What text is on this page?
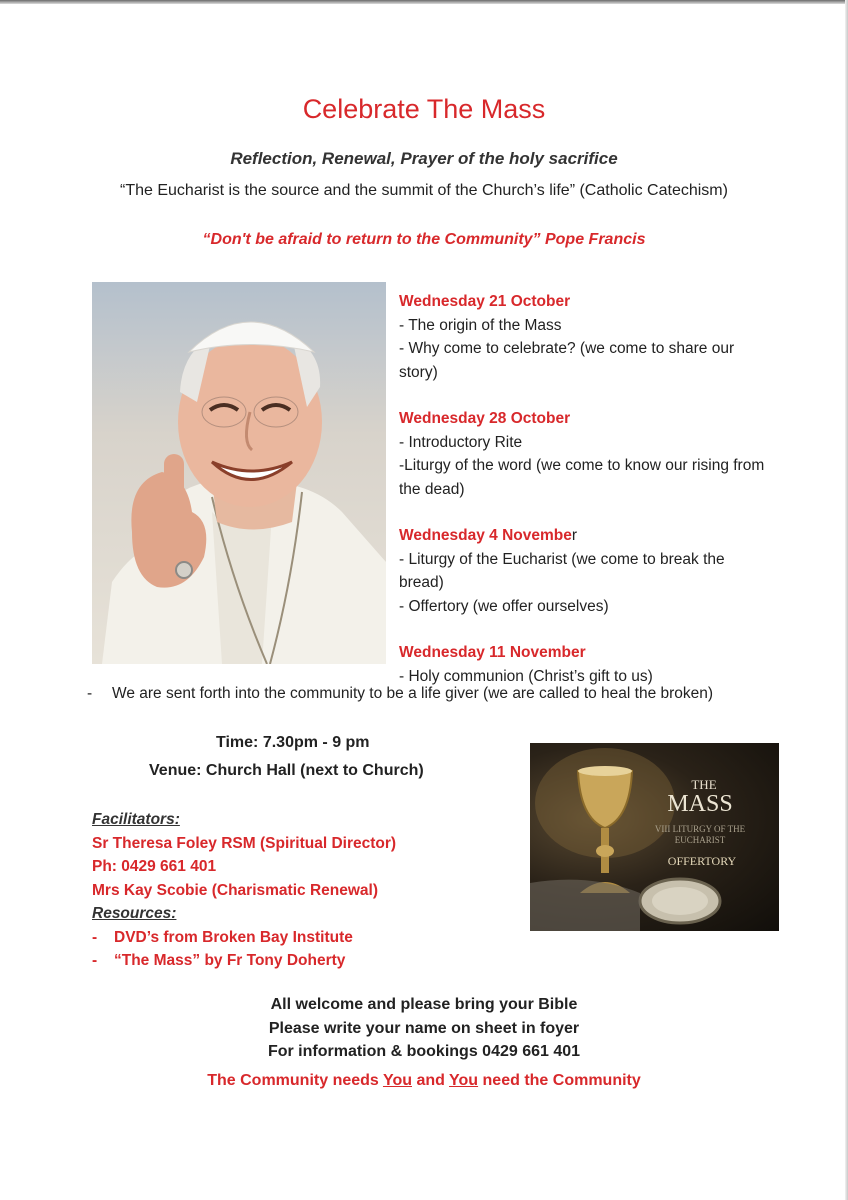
Celebrate The Mass
Reflection, Renewal, Prayer of the holy sacrifice
“The Eucharist is the source and the summit of the Church’s life” (Catholic Catechism)
“Don't be afraid to return to the Community” Pope Francis
Wednesday 21 October
- The origin of the Mass
- Why come to celebrate? (we come to share our story)
Wednesday 28 October
- Introductory Rite
-Liturgy of the word (we come to know our rising from the dead)
Wednesday 4 November
- Liturgy of the Eucharist (we come to break the bread)
- Offertory (we offer ourselves)
Wednesday 11 November
- Holy communion (Christ’s gift to us)
- We are sent forth into the community to be a life giver (we are called to heal the broken)
Time: 7.30pm - 9 pm
Venue: Church Hall (next to Church)
Facilitators:
Sr Theresa Foley RSM (Spiritual Director)
Ph: 0429 661 401
Mrs Kay Scobie (Charismatic Renewal)
Resources:
- DVD’s from Broken Bay Institute
- “The Mass” by Fr Tony Doherty
THE
MASS
VIII LITURGY OF THE
EUCHARIST
OFFERTORY
All welcome and please bring your Bible
Please write your name on sheet in foyer
For information & bookings 0429 661 401
The Community needs You and You need the Community
